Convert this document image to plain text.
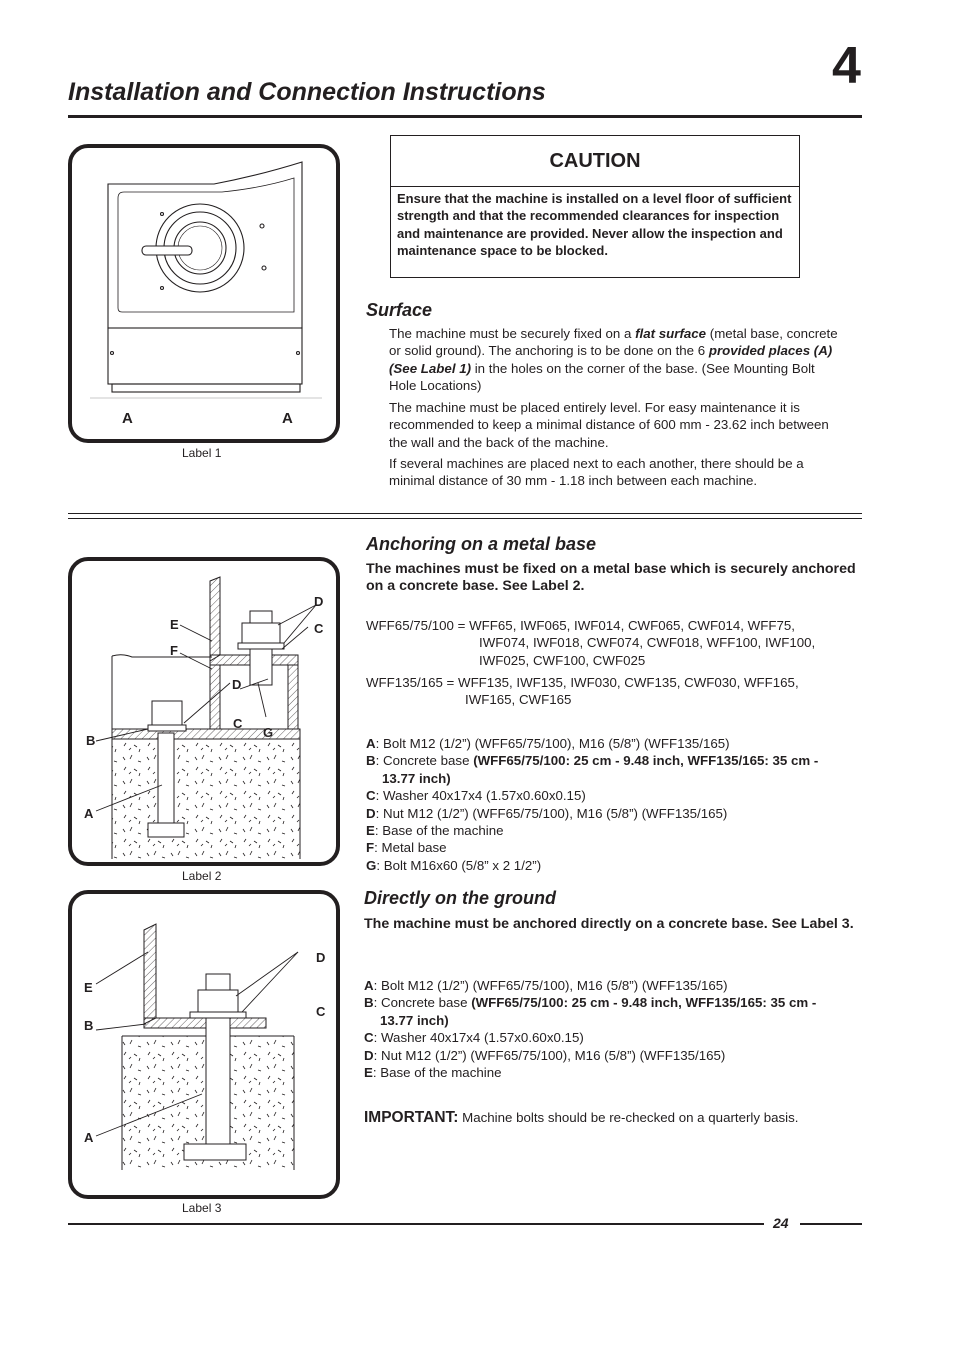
4
Installation and Connection Instructions
A	A
Label 1
CAUTION
Ensure that the machine is installed on a level floor of sufficient strength and that the recommended clearances for inspection and maintenance are provided. Never allow the inspection and maintenance space to be blocked.
Surface
The machine must be securely fixed on a flat surface (metal base, concrete or solid ground). The anchoring is to be done on the 6 provided places (A) (See Label 1) in the holes on the corner of the base. (See Mounting Bolt Hole Locations)
The machine must be placed entirely level. For easy maintenance it is recommended to keep a minimal distance of 600 mm - 23.62 inch between the wall and the back of the machine.
If several machines are placed next to each another, there should be a minimal distance of 30 mm - 1.18 inch between each machine.
E
F
D
C
D
C
G
B
A
Label 2
Anchoring on a metal base
The machines must be fixed on a metal base which is securely anchored on a concrete base. See Label 2.
WFF65/75/100 = WFF65, IWF065, IWF014, CWF065, CWF014, WFF75,
IWF074, IWF018, CWF074, CWF018, WFF100, IWF100,
IWF025, CWF100, CWF025
WFF135/165 = WFF135, IWF135, IWF030, CWF135, CWF030, WFF165,
IWF165, CWF165
A: Bolt M12 (1/2”) (WFF65/75/100), M16 (5/8”) (WFF135/165)
B: Concrete base (WFF65/75/100: 25 cm - 9.48 inch, WFF135/165: 35 cm -
13.77 inch)
C: Washer 40x17x4 (1.57x0.60x0.15)
D: Nut M12 (1/2”) (WFF65/75/100), M16 (5/8”) (WFF135/165)
E: Base of the machine
F: Metal base
G: Bolt M16x60 (5/8” x 2 1/2”)
D
C
E
B
A
Label 3
Directly on the ground
The machine must be anchored directly on a concrete base. See Label 3.
A: Bolt M12 (1/2”) (WFF65/75/100), M16 (5/8”) (WFF135/165)
B: Concrete base (WFF65/75/100: 25 cm - 9.48 inch, WFF135/165: 35 cm -
13.77 inch)
C: Washer 40x17x4 (1.57x0.60x0.15)
D: Nut M12 (1/2”) (WFF65/75/100), M16 (5/8”) (WFF135/165)
E: Base of the machine
IMPORTANT: Machine bolts should be re-checked on a quarterly basis.
24
